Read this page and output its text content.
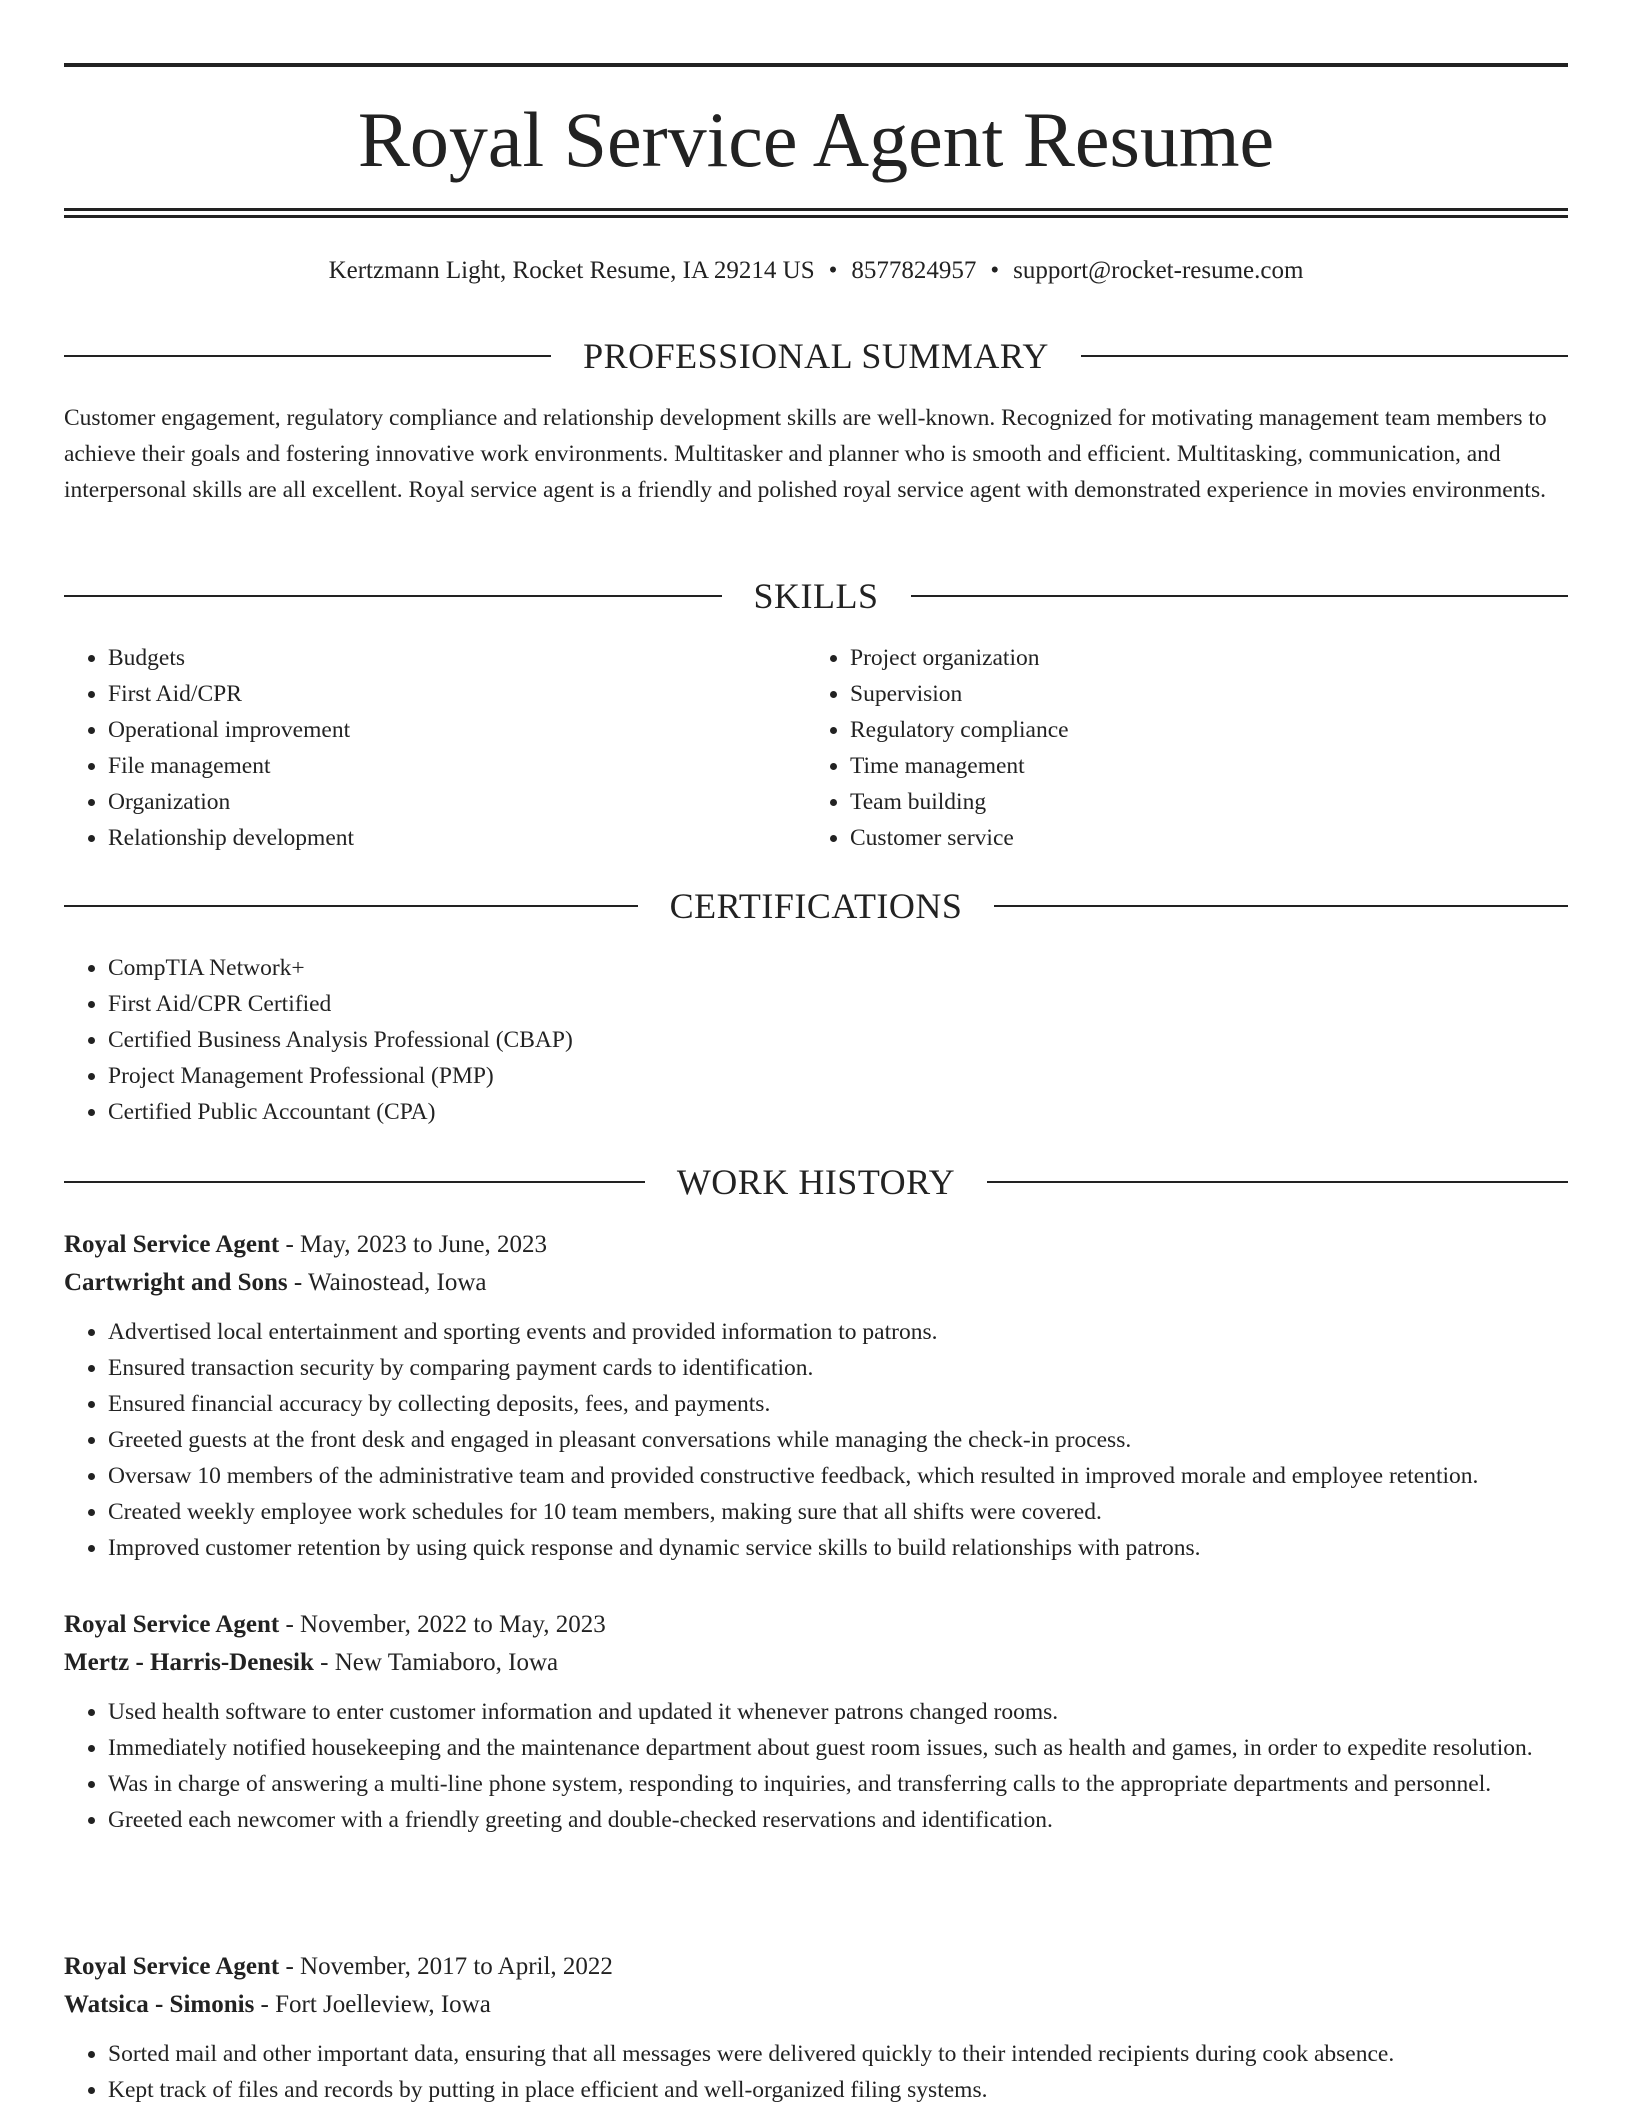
Royal Service Agent Resume
Kertzmann Light, Rocket Resume, IA 29214 US • 8577824957 • support@rocket-resume.com
PROFESSIONAL SUMMARY

Customer engagement, regulatory compliance and relationship development skills are well-known. Recognized for motivating management team members to achieve their goals and fostering innovative work environments. Multitasker and planner who is smooth and efficient. Multitasking, communication, and interpersonal skills are all excellent. Royal service agent is a friendly and polished royal service agent with demonstrated experience in movies environments.

SKILLS
• Budgets
• First Aid/CPR
• Operational improvement
• File management
• Organization
• Relationship development
• Project organization
• Supervision
• Regulatory compliance
• Time management
• Team building
• Customer service
CERTIFICATIONS
• CompTIA Network+
• First Aid/CPR Certified
• Certified Business Analysis Professional (CBAP)
• Project Management Professional (PMP)
• Certified Public Accountant (CPA)
WORK HISTORY
Royal Service Agent - May, 2023 to June, 2023
Cartwright and Sons - Wainostead, Iowa
• Advertised local entertainment and sporting events and provided information to patrons.
• Ensured transaction security by comparing payment cards to identification.
• Ensured financial accuracy by collecting deposits, fees, and payments.
• Greeted guests at the front desk and engaged in pleasant conversations while managing the check-in process.
• Oversaw 10 members of the administrative team and provided constructive feedback, which resulted in improved morale and employee retention.
• Created weekly employee work schedules for 10 team members, making sure that all shifts were covered.
• Improved customer retention by using quick response and dynamic service skills to build relationships with patrons.
Royal Service Agent - November, 2022 to May, 2023
Mertz - Harris-Denesik - New Tamiaboro, Iowa
• Used health software to enter customer information and updated it whenever patrons changed rooms.
• Immediately notified housekeeping and the maintenance department about guest room issues, such as health and games, in order to expedite resolution.
• Was in charge of answering a multi-line phone system, responding to inquiries, and transferring calls to the appropriate departments and personnel.
• Greeted each newcomer with a friendly greeting and double-checked reservations and identification.
Royal Service Agent - November, 2017 to April, 2022
Watsica - Simonis - Fort Joelleview, Iowa
• Sorted mail and other important data, ensuring that all messages were delivered quickly to their intended recipients during cook absence.
• Kept track of files and records by putting in place efficient and well-organized filing systems.
